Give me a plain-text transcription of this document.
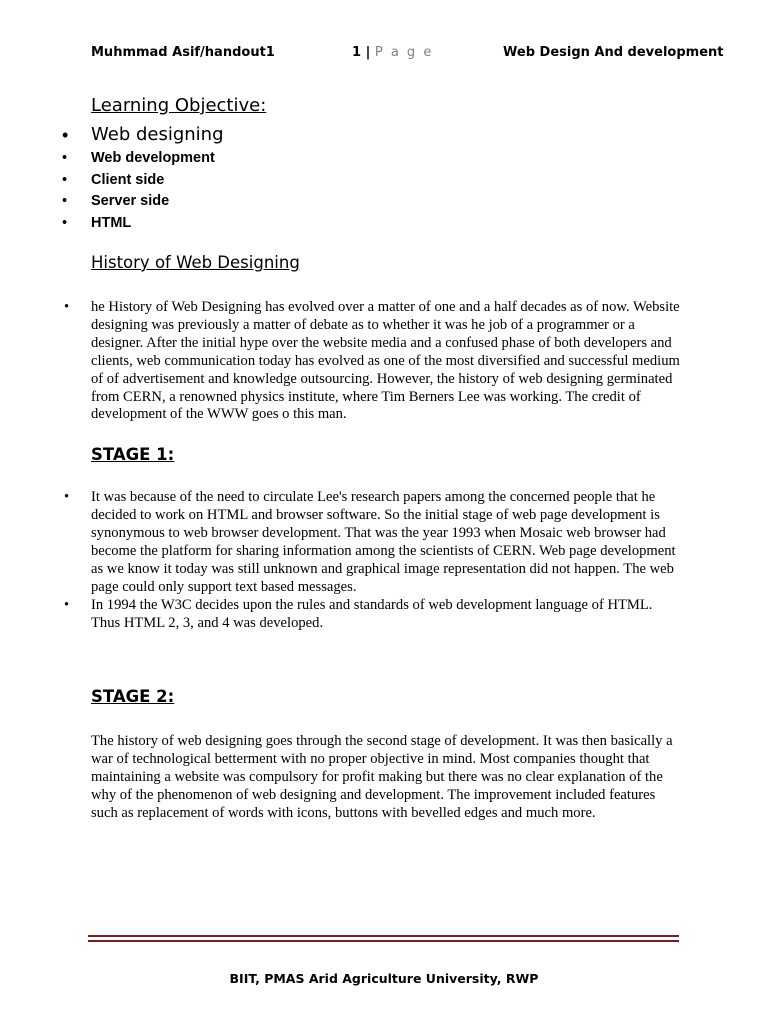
Muhmmad Asif/handout1	1 | P a g e	Web Design And development
Learning Objective:
• Web designing
• Web development
• Client side
• Server side
• HTML
History of Web Designing
• he History of Web Designing has evolved over a matter of one and a half decades as of now. Website designing was previously a matter of debate as to whether it was he job of a programmer or a designer. After the initial hype over the website media and a confused phase of both developers and clients, web communication today has evolved as one of the most diversified and successful medium of of advertisement and knowledge outsourcing. However, the history of web designing germinated from CERN, a renowned physics institute, where Tim Berners Lee was working. The credit of development of the WWW goes o this man.
STAGE 1:
• It was because of the need to circulate Lee's research papers among the concerned people that he decided to work on HTML and browser software. So the initial stage of web page development is synonymous to web browser development. That was the year 1993 when Mosaic web browser had become the platform for sharing information among the scientists of CERN. Web page development as we know it today was still unknown and graphical image representation did not happen. The web page could only support text based messages.
• In 1994 the W3C decides upon the rules and standards of web development language of HTML. Thus HTML 2, 3, and 4 was developed.
STAGE 2:
The history of web designing goes through the second stage of development. It was then basically a war of technological betterment with no proper objective in mind. Most companies thought that maintaining a website was compulsory for profit making but there was no clear explanation of the why of the phenomenon of web designing and development. The improvement included features such as replacement of words with icons, buttons with bevelled edges and much more.
BIIT, PMAS Arid Agriculture University, RWP
